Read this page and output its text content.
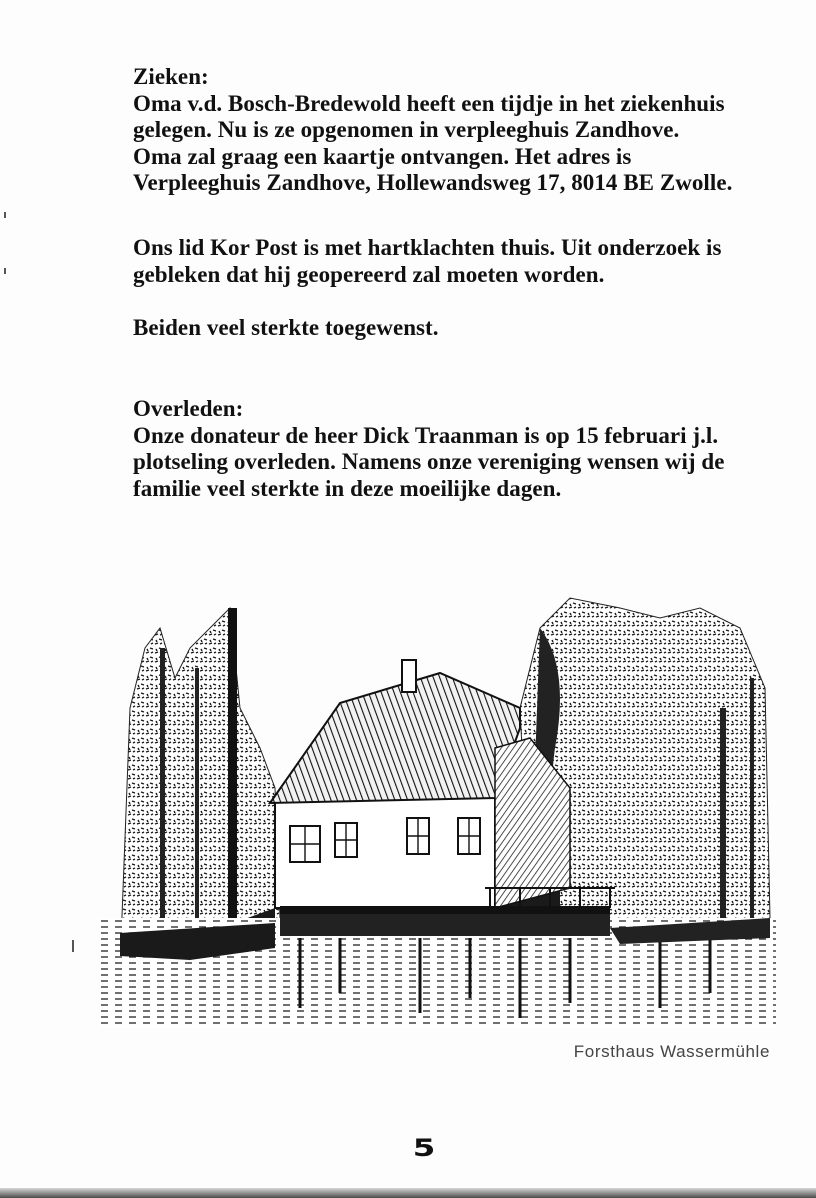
Zieken:

Oma v.d. Bosch-Bredewold heeft een tijdje in het ziekenhuis

gelegen. Nu is ze opgenomen in verpleeghuis Zandhove.

Oma zal graag een kaartje ontvangen. Het adres is

Verpleeghuis Zandhove, Hollewandsweg 17, 8014 BE Zwolle.

Ons lid Kor Post is met hartklachten thuis. Uit onderzoek is

gebleken dat hij geopereerd zal moeten worden.

Beiden veel sterkte toegewenst.

Overleden:

Onze donateur de heer Dick Traanman is op 15 februari j.l.

plotseling overleden. Namens onze vereniging wensen wij de

familie veel sterkte in deze moeilijke dagen.

Forsthaus Wassermühle
5
